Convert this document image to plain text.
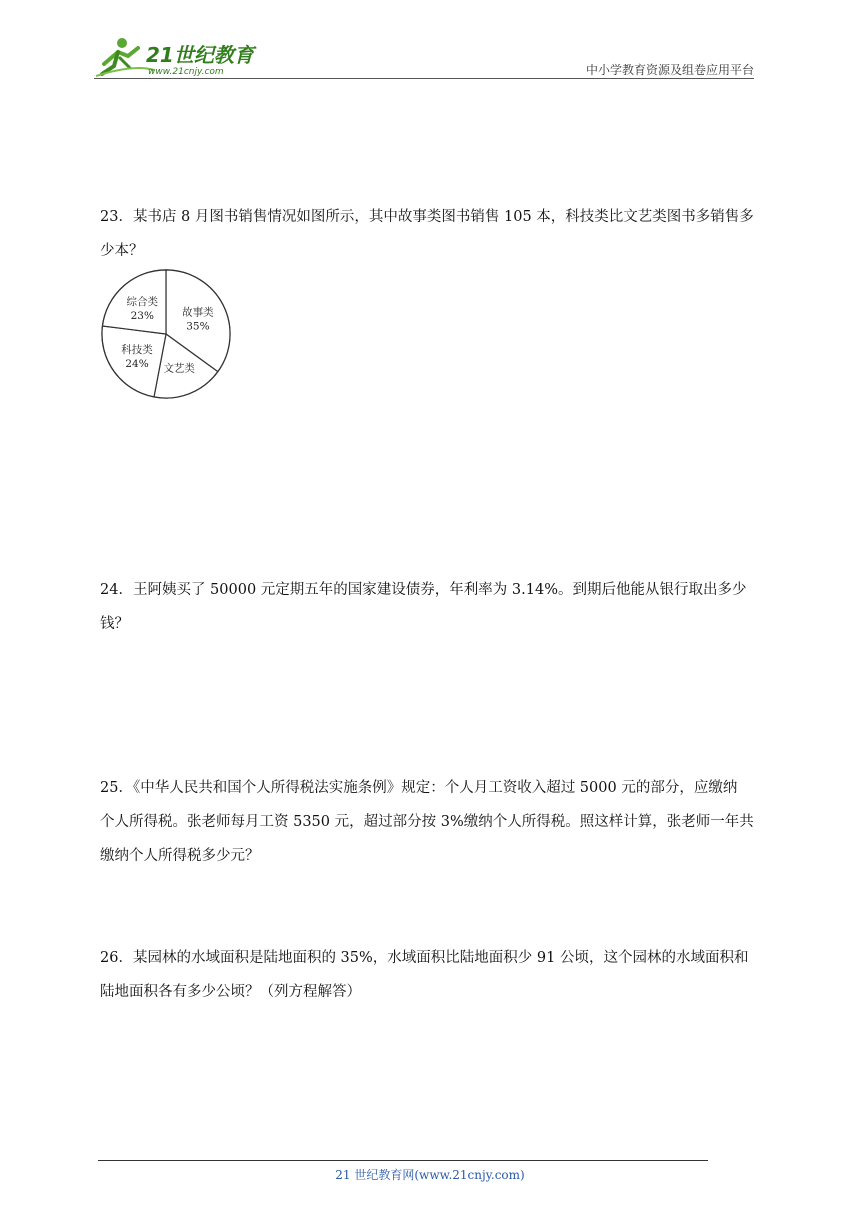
21世纪教育
www.21cnjy.com	中小学教育资源及组卷应用平台

23．某书店 8 月图书销售情况如图所示，其中故事类图书销售 105 本，科技类比文艺类图书多销售多

少本？

故事类
35%
文艺类
科技类
24%
综合类
23%

24．王阿姨买了 50000 元定期五年的国家建设债券，年利率为 3.14%。到期后他能从银行取出多少钱？

25．《中华人民共和国个人所得税法实施条例》规定：个人月工资收入超过 5000 元的部分，应缴纳

个人所得税。张老师每月工资 5350 元，超过部分按 3%缴纳个人所得税。照这样计算，张老师一年共

缴纳个人所得税多少元？

26．某园林的水域面积是陆地面积的 35%，水域面积比陆地面积少 91 公顷，这个园林的水域面积和

陆地面积各有多少公顷？（列方程解答）

21 世纪教育网(www.21cnjy.com)
